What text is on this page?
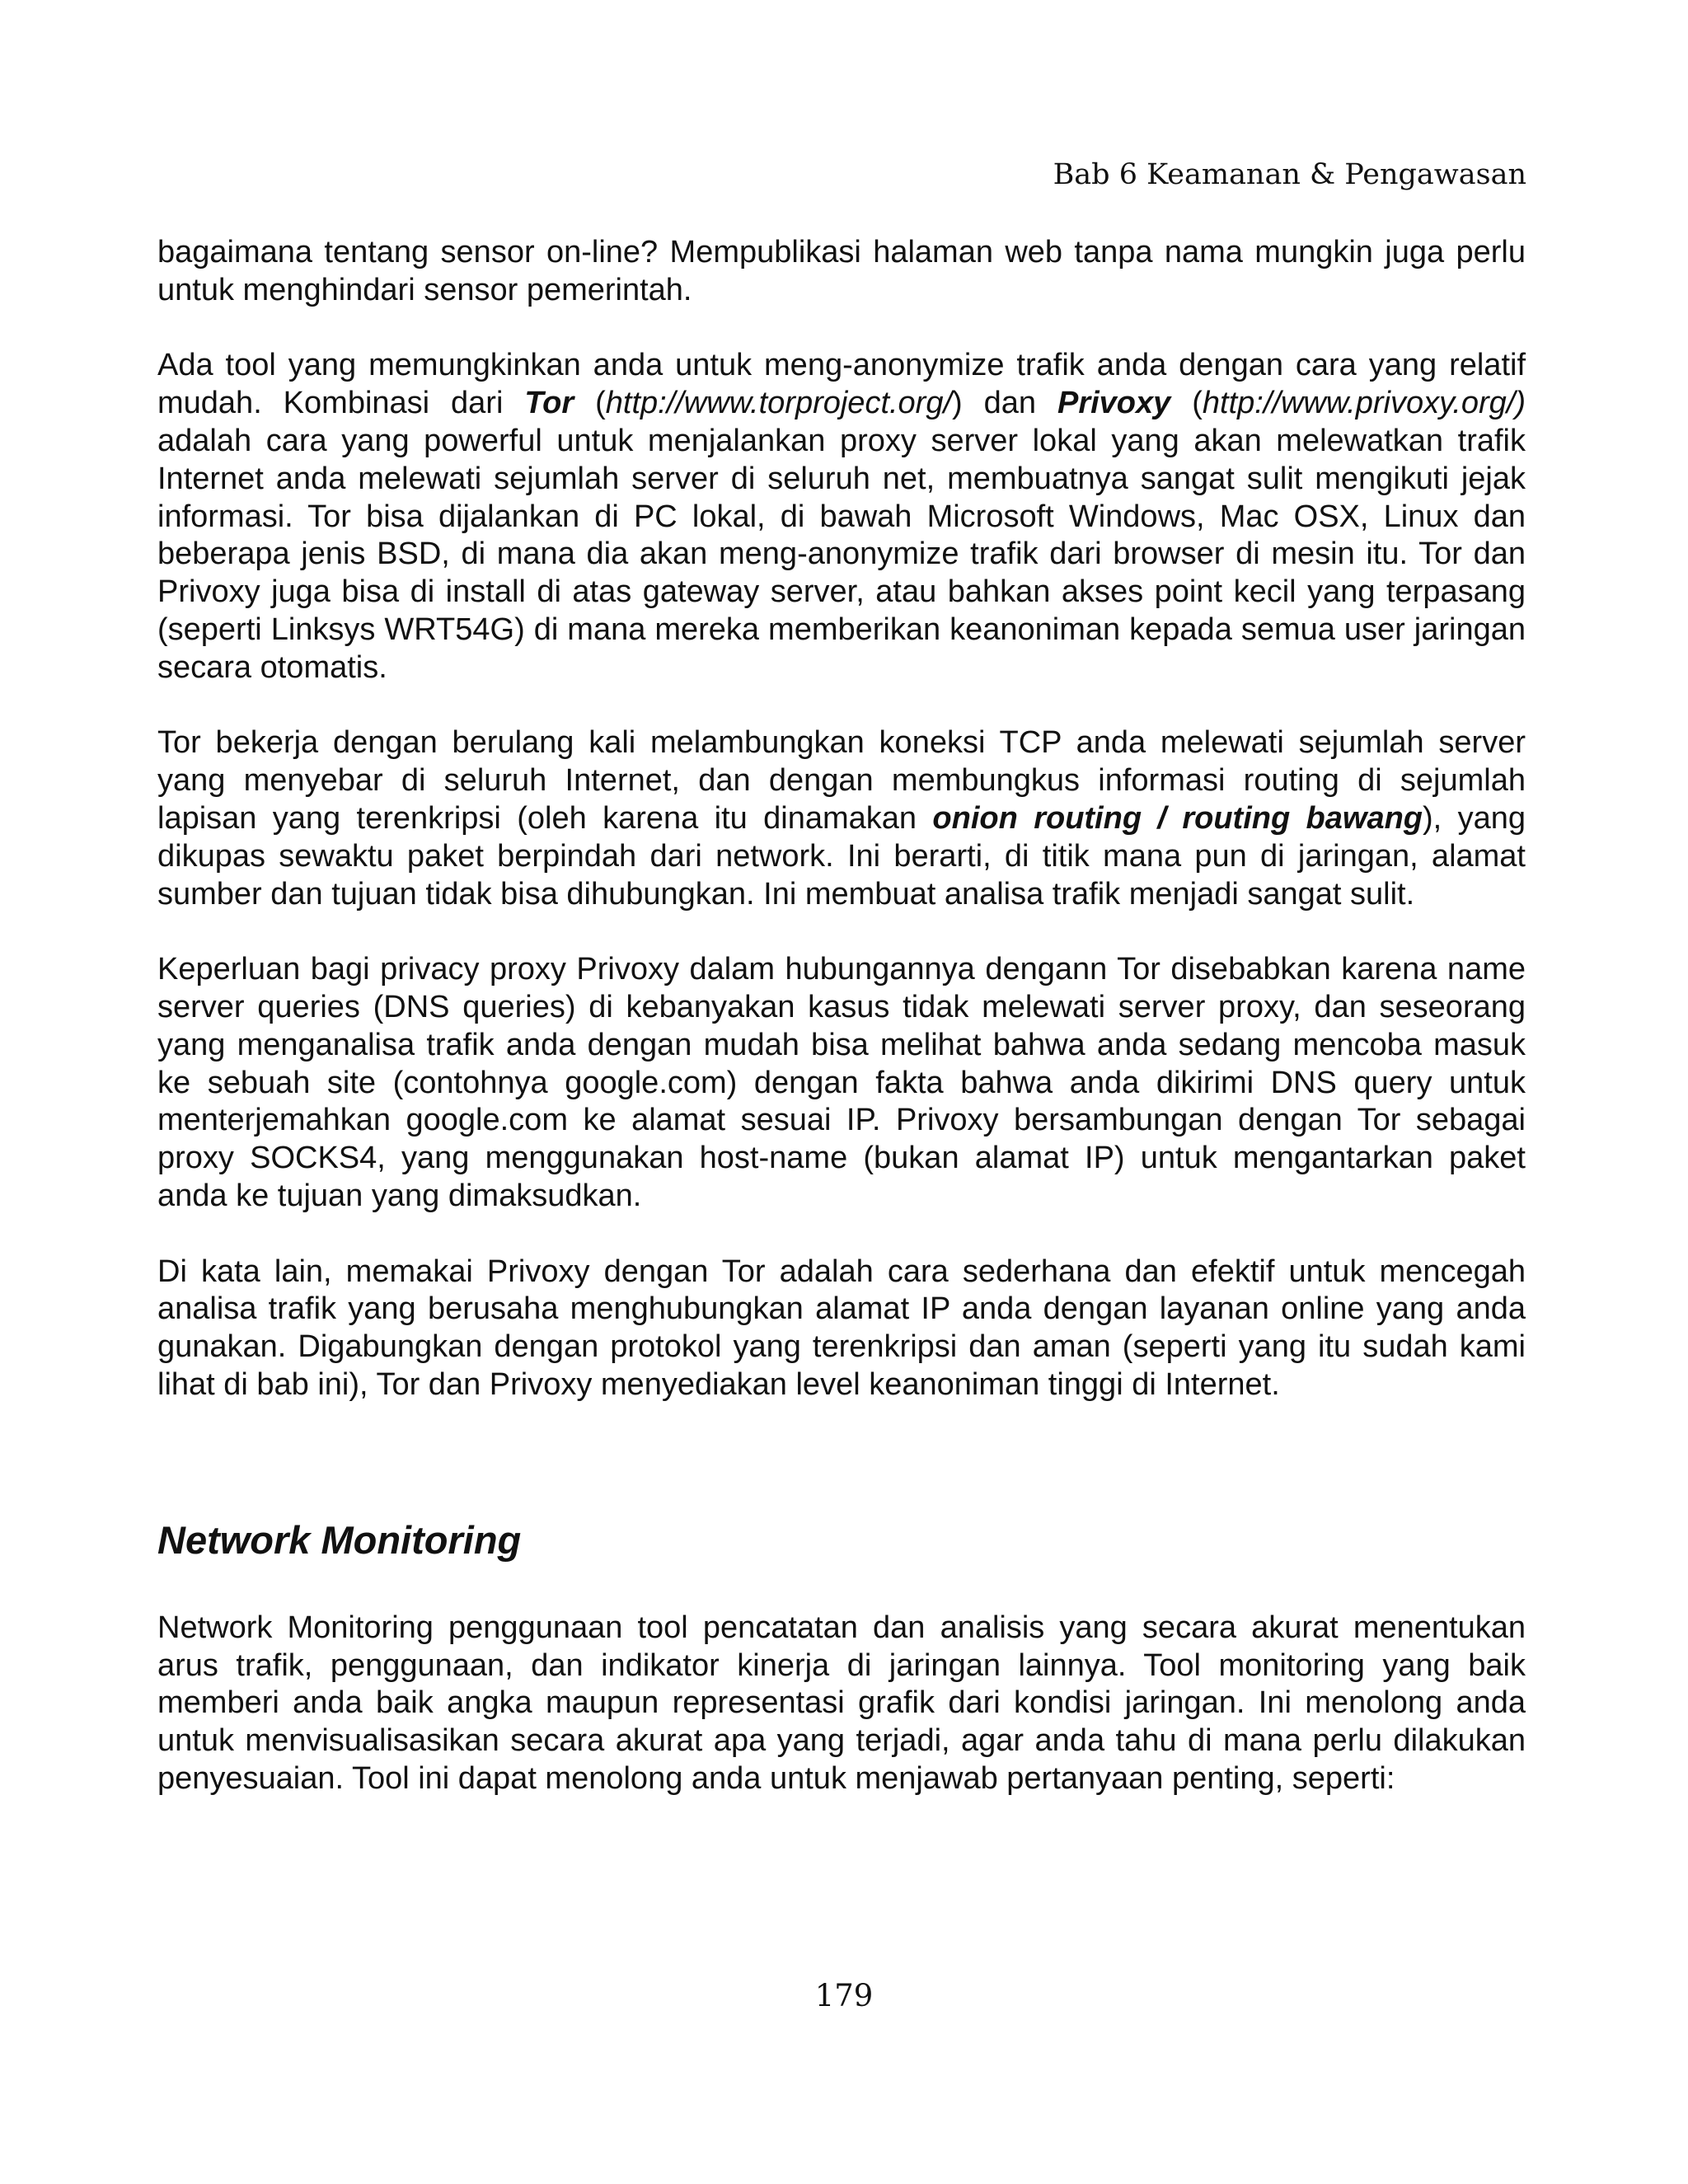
Bab 6 Keamanan & Pengawasan

bagaimana tentang sensor on-line? Mempublikasi halaman web tanpa nama mungkin juga perlu untuk menghindari sensor pemerintah.

Ada tool yang memungkinkan anda untuk meng-anonymize trafik anda dengan cara yang relatif mudah. Kombinasi dari Tor (http://www.torproject.org/) dan Privoxy (http://www.privoxy.org/) adalah cara yang powerful untuk menjalankan proxy server lokal yang akan melewatkan trafik Internet anda melewati sejumlah server di seluruh net, membuatnya sangat sulit mengikuti jejak informasi. Tor bisa dijalankan di PC lokal, di bawah Microsoft Windows, Mac OSX, Linux dan beberapa jenis BSD, di mana dia akan meng-anonymize trafik dari browser di mesin itu. Tor dan Privoxy juga bisa di install di atas gateway server, atau bahkan akses point kecil yang terpasang (seperti Linksys WRT54G) di mana mereka memberikan keanoniman kepada semua user jaringan secara otomatis.

Tor bekerja dengan berulang kali melambungkan koneksi TCP anda melewati sejumlah server yang menyebar di seluruh Internet, dan dengan membungkus informasi routing di sejumlah lapisan yang terenkripsi (oleh karena itu dinamakan onion routing / routing bawang), yang dikupas sewaktu paket berpindah dari network. Ini berarti, di titik mana pun di jaringan, alamat sumber dan tujuan tidak bisa dihubungkan. Ini membuat analisa trafik menjadi sangat sulit.

Keperluan bagi privacy proxy Privoxy dalam hubungannya dengann Tor disebabkan karena name server queries (DNS queries) di kebanyakan kasus tidak melewati server proxy, dan seseorang yang menganalisa trafik anda dengan mudah bisa melihat bahwa anda sedang mencoba masuk ke sebuah site (contohnya google.com) dengan fakta bahwa anda dikirimi DNS query untuk menterjemahkan google.com ke alamat sesuai IP. Privoxy bersambungan dengan Tor sebagai proxy SOCKS4, yang menggunakan host-name (bukan alamat IP) untuk mengantarkan paket anda ke tujuan yang dimaksudkan.

Di kata lain, memakai Privoxy dengan Tor adalah cara sederhana dan efektif untuk mencegah analisa trafik yang berusaha menghubungkan alamat IP anda dengan layanan online yang anda gunakan. Digabungkan dengan protokol yang terenkripsi dan aman (seperti yang itu sudah kami lihat di bab ini), Tor dan Privoxy menyediakan level keanoniman tinggi di Internet.

Network Monitoring

Network Monitoring penggunaan tool pencatatan dan analisis yang secara akurat menentukan arus trafik, penggunaan, dan indikator kinerja di jaringan lainnya. Tool monitoring yang baik memberi anda baik angka maupun representasi grafik dari kondisi jaringan. Ini menolong anda untuk menvisualisasikan secara akurat apa yang terjadi, agar anda tahu di mana perlu dilakukan penyesuaian. Tool ini dapat menolong anda untuk menjawab pertanyaan penting, seperti:

179
